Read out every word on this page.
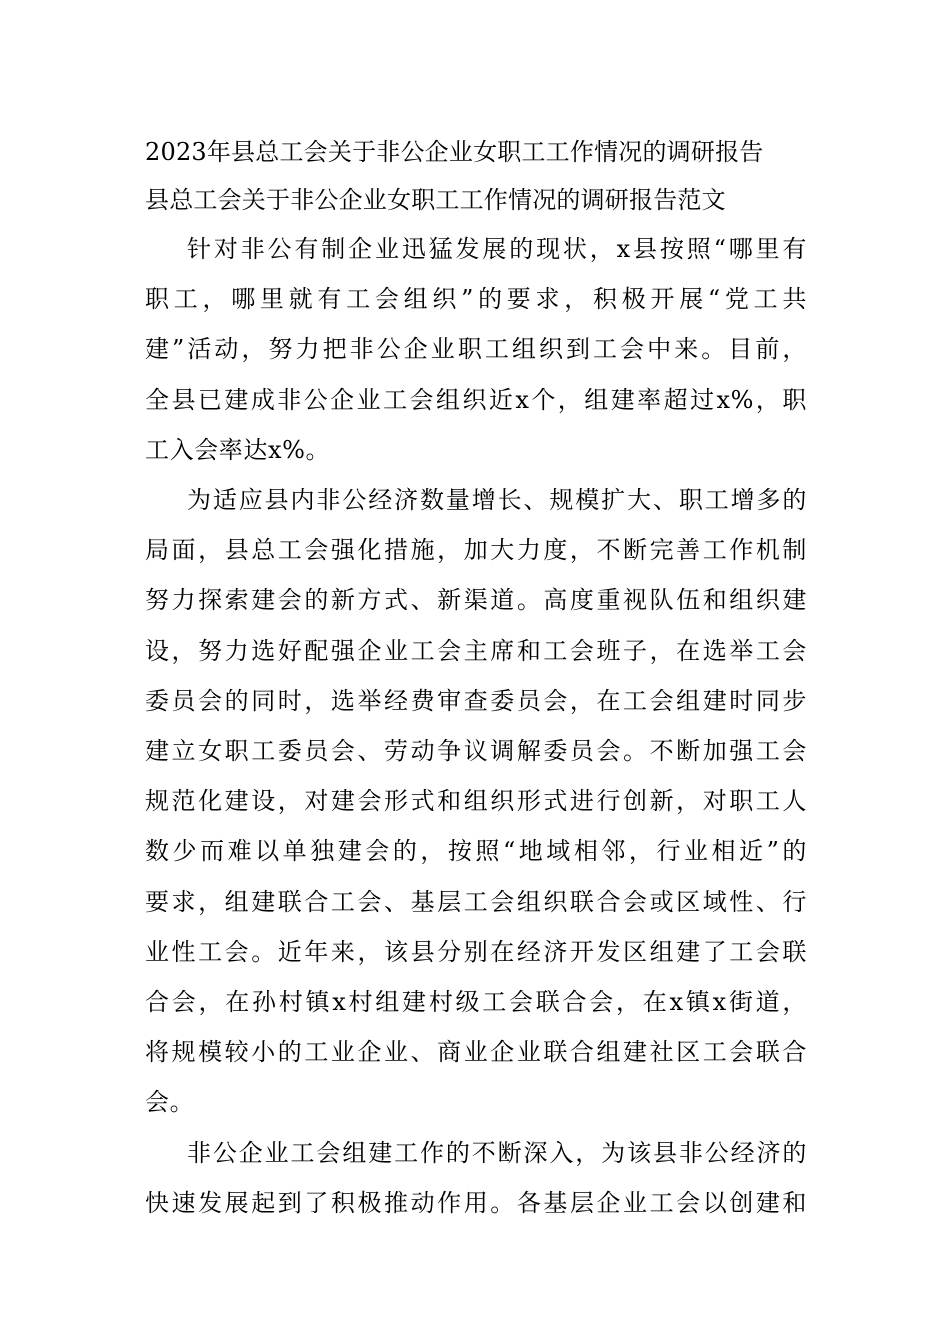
2023年县总工会关于非公企业女职工工作情况的调研报告
县总工会关于非公企业女职工工作情况的调研报告范文
针对非公有制企业迅猛发展的现状，x县按照“哪里有
职工，哪里就有工会组织”的要求，积极开展“党工共
建”活动，努力把非公企业职工组织到工会中来。目前，
全县已建成非公企业工会组织近x个，组建率超过x%，职
工入会率达x%。
为适应县内非公经济数量增长、规模扩大、职工增多的
局面，县总工会强化措施，加大力度，不断完善工作机制
努力探索建会的新方式、新渠道。高度重视队伍和组织建
设，努力选好配强企业工会主席和工会班子，在选举工会
委员会的同时，选举经费审查委员会，在工会组建时同步
建立女职工委员会、劳动争议调解委员会。不断加强工会
规范化建设，对建会形式和组织形式进行创新，对职工人
数少而难以单独建会的，按照“地域相邻，行业相近”的
要求，组建联合工会、基层工会组织联合会或区域性、行
业性工会。近年来，该县分别在经济开发区组建了工会联
合会，在孙村镇x村组建村级工会联合会，在x镇x街道，
将规模较小的工业企业、商业企业联合组建社区工会联合
会。
非公企业工会组建工作的不断深入，为该县非公经济的
快速发展起到了积极推动作用。各基层企业工会以创建和
